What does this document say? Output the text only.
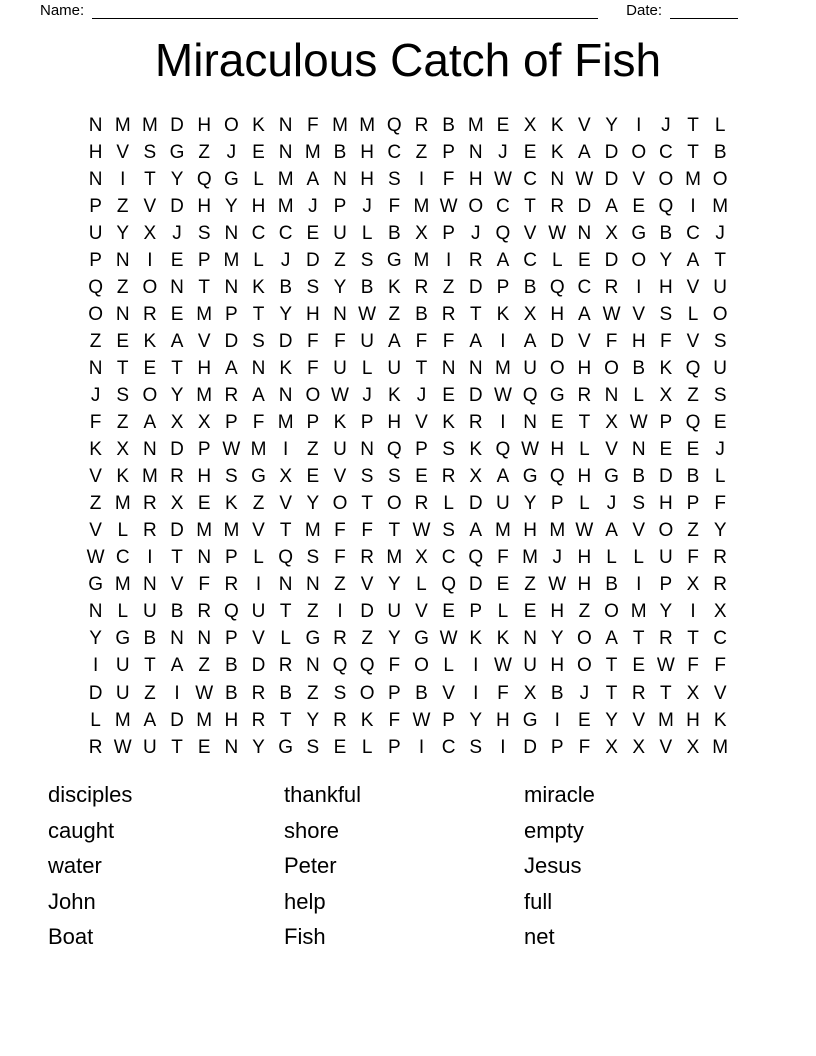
Name:	Date:
Miraculous Catch of Fish
N M M D H O K N F M M Q R B M E X K V Y I	J T L
H V S G Z J E N M B H C Z P N J E K A D O C T B
N I T Y Q G L M A N H S I F H W C N W D V O M O
P Z V D H Y H M J P J F M W O C T R D A E Q I M
U Y X J S N C C E U L B X P J Q V W N X G B C J
P N I E P M L J D Z S G M I R A C L E D O Y A T
Q Z O N T N K B S Y B K R Z D P B Q C R I H V U
O N R E M P T Y H N W Z B R T K X H A W V S L O
Z E K A V D S D F F U A F F A I A D V F H F V S
N T E T H A N K F U L U T N N M U O H O B K Q U
J S O Y M R A N O W J K J E D W Q G R N L X Z S
F Z A X X P F M P K P H V K R I N E T X W P Q E
K X N D P W M I Z U N Q P S K Q W H L V N E E J
V K M R H S G X E V S S E R X A G Q H G B D B L
Z M R X E K Z V Y O T O R L D U Y P L J S H P F
V L R D M M V T M F F T W S A M H M W A V O Z Y
W C I T N P L Q S F R M X C Q F M J H L L U F R
G M N V F R I N N Z V Y L Q D E Z W H B I P X R
N L U B R Q U T Z I D U V E P L E H Z O M Y I X
Y G B N N P V L G R Z Y G W K K N Y O A T R T C
I U T A Z B D R N Q Q F O L	I W U H O T E W F F
D U Z I W B R B Z S O P B V I F X B J T R T X V
L M A D M H R T Y R K F W P Y H G I E Y V M H K
R W U T E N Y G S E L P I C S I D P F X X V X M
disciples
caught
water
John
Boat
thankful
shore
Peter
help
Fish
miracle
empty
Jesus
full
net
